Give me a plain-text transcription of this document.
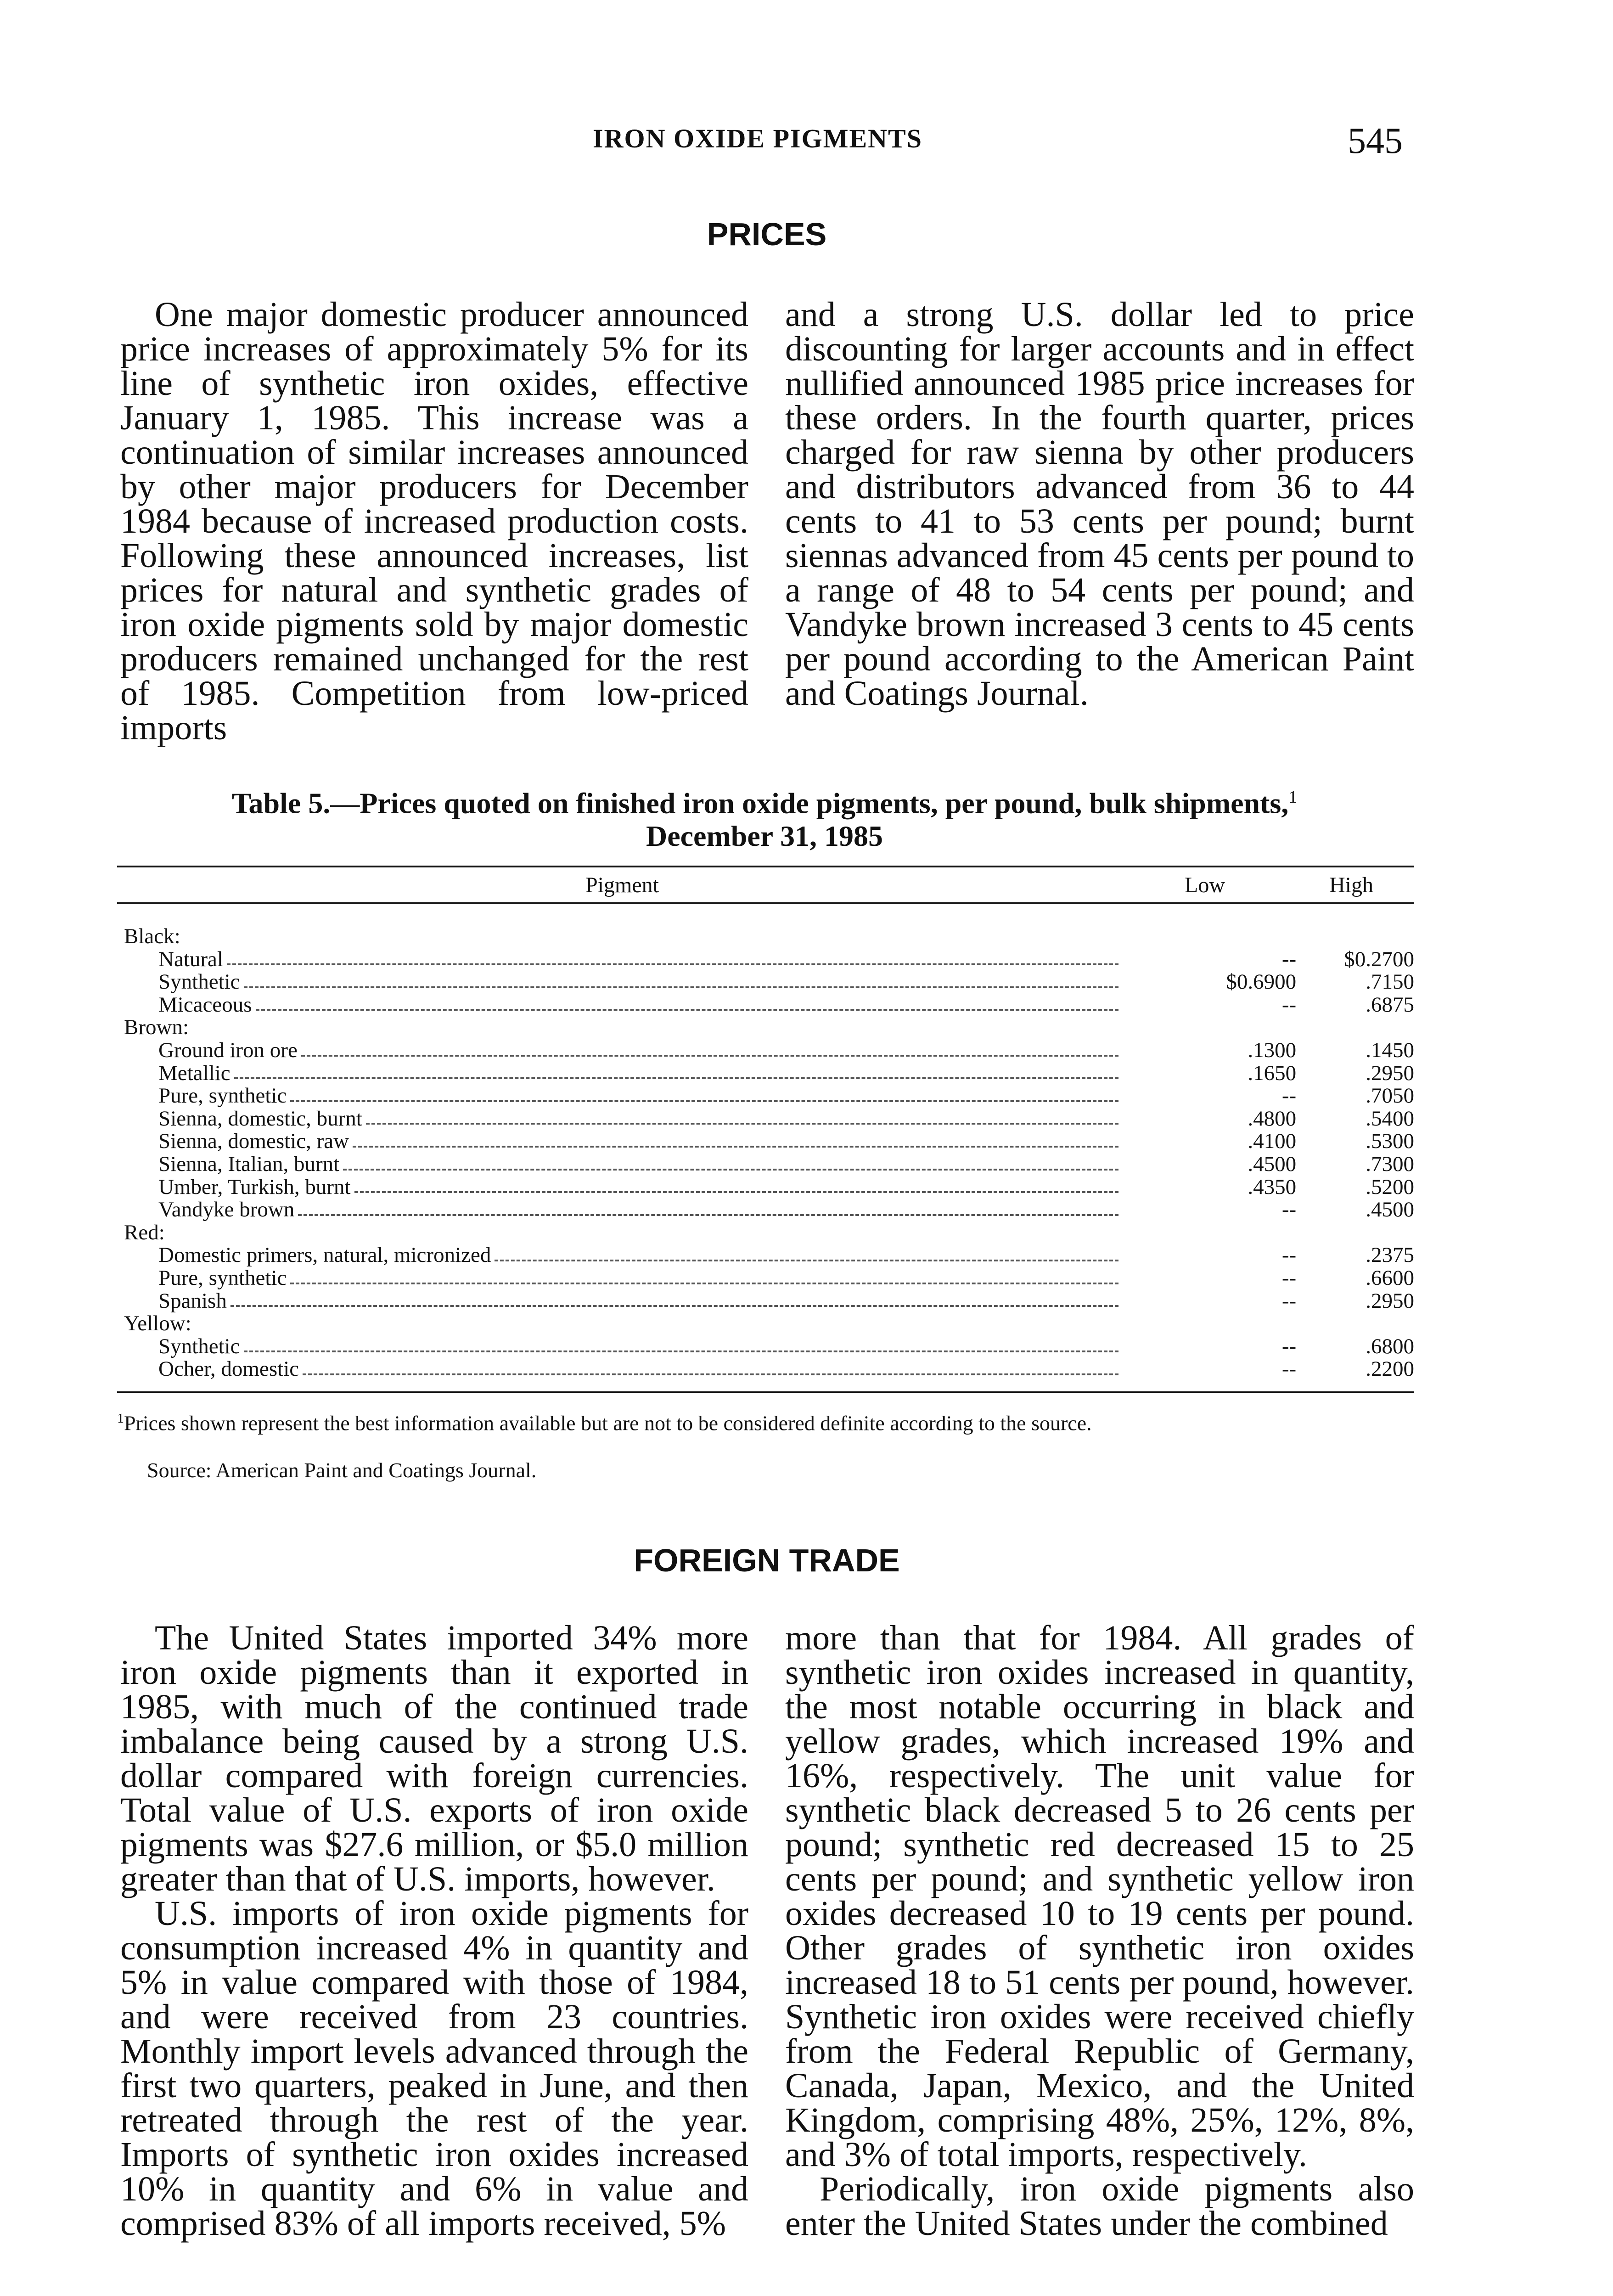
IRON OXIDE PIGMENTS	545
PRICES

One major domestic producer announced price increases of approximately 5% for its line of synthetic iron oxides, effective January 1, 1985. This increase was a continuation of similar increases announced by other major producers for December 1984 because of increased production costs. Following these announced increases, list prices for natural and synthetic grades of iron oxide pigments sold by major domestic producers remained unchanged for the rest of 1985. Competition from low-priced imports

and a strong U.S. dollar led to price discounting for larger accounts and in effect nullified announced 1985 price increases for these orders. In the fourth quarter, prices charged for raw sienna by other producers and distributors advanced from 36 to 44 cents to 41 to 53 cents per pound; burnt siennas advanced from 45 cents per pound to a range of 48 to 54 cents per pound; and Vandyke brown increased 3 cents to 45 cents per pound according to the American Paint and Coatings Journal.

Table 5.—Prices quoted on finished iron oxide pigments, per pound, bulk shipments,$^1$
December 31, 1985
Pigment	Low	High
Black:
Natural	--	$0.2700
Synthetic	$0.6900	.7150
Micaceous	--	.6875
Brown:
Ground iron ore	.1300	.1450
Metallic	.1650	.2950
Pure, synthetic	--	.7050
Sienna, domestic, burnt	.4800	.5400
Sienna, domestic, raw	.4100	.5300
Sienna, Italian, burnt	.4500	.7300
Umber, Turkish, burnt	.4350	.5200
Vandyke brown	--	.4500
Red:
Domestic primers, natural, micronized	--	.2375
Pure, synthetic	--	.6600
Spanish	--	.2950
Yellow:
Synthetic	--	.6800
Ocher, domestic	--	.2200
$^1$Prices shown represent the best information available but are not to be considered definite according to the source.
Source: American Paint and Coatings Journal.
FOREIGN TRADE

The United States imported 34% more iron oxide pigments than it exported in 1985, with much of the continued trade imbalance being caused by a strong U.S. dollar compared with foreign currencies. Total value of U.S. exports of iron oxide pigments was $27.6 million, or $5.0 million greater than that of U.S. imports, however.

U.S. imports of iron oxide pigments for consumption increased 4% in quantity and 5% in value compared with those of 1984, and were received from 23 countries. Monthly import levels advanced through the first two quarters, peaked in June, and then retreated through the rest of the year. Imports of synthetic iron oxides increased 10% in quantity and 6% in value and comprised 83% of all imports received, 5%

more than that for 1984. All grades of synthetic iron oxides increased in quantity, the most notable occurring in black and yellow grades, which increased 19% and 16%, respectively. The unit value for synthetic black decreased 5 to 26 cents per pound; synthetic red decreased 15 to 25 cents per pound; and synthetic yellow iron oxides decreased 10 to 19 cents per pound. Other grades of synthetic iron oxides increased 18 to 51 cents per pound, however. Synthetic iron oxides were received chiefly from the Federal Republic of Germany, Canada, Japan, Mexico, and the United Kingdom, comprising 48%, 25%, 12%, 8%, and 3% of total imports, respectively.

Periodically, iron oxide pigments also enter the United States under the combined
